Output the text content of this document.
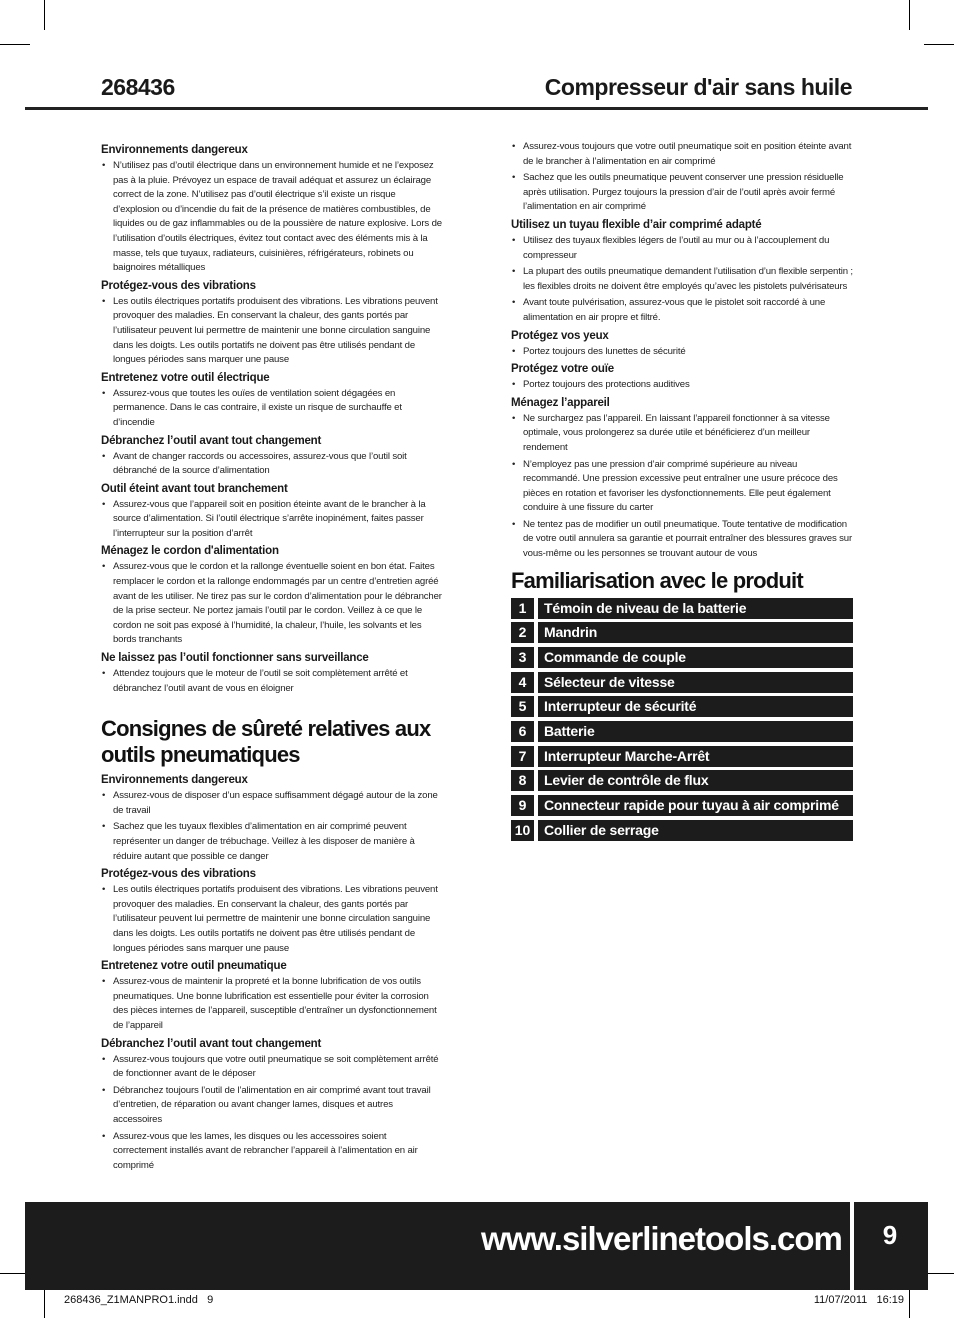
268436	Compresseur d'air sans huile
Environnements dangereux
• N’utilisez pas d’outil électrique dans un environnement humide et ne l’exposez pas à la pluie. Prévoyez un espace de travail adéquat et assurez un éclairage correct de la zone. N’utilisez pas d’outil électrique s’il existe un risque d’explosion ou d’incendie du fait de la présence de matières combustibles, de liquides ou de gaz inflammables ou de la poussière de nature explosive. Lors de l’utilisation d’outils électriques, évitez tout contact avec des éléments mis à la masse, tels que tuyaux, radiateurs, cuisinières, réfrigérateurs, robinets ou baignoires métalliques
Protégez-vous des vibrations
• Les outils électriques portatifs produisent des vibrations. Les vibrations peuvent provoquer des maladies. En conservant la chaleur, des gants portés par l’utilisateur peuvent lui permettre de maintenir une bonne circulation sanguine dans les doigts. Les outils portatifs ne doivent pas être utilisés pendant de longues périodes sans marquer une pause
Entretenez votre outil électrique
• Assurez-vous que toutes les ouïes de ventilation soient dégagées en permanence. Dans le cas contraire, il existe un risque de surchauffe et d’incendie
Débranchez l’outil avant tout changement
• Avant de changer raccords ou accessoires, assurez-vous que l’outil soit débranché de la source d’alimentation
Outil éteint avant tout branchement
• Assurez-vous que l’appareil soit en position éteinte avant de le brancher à la source d’alimentation. Si l’outil électrique s’arrête inopinément, faites passer l’interrupteur sur la position d’arrêt
Ménagez le cordon d'alimentation
• Assurez-vous que le cordon et la rallonge éventuelle soient en bon état. Faites remplacer le cordon et la rallonge endommagés par un centre d’entretien agréé avant de les utiliser. Ne tirez pas sur le cordon d’alimentation pour le débrancher de la prise secteur. Ne portez jamais l’outil par le cordon. Veillez à ce que le cordon ne soit pas exposé à l’humidité, la chaleur, l’huile, les solvants et les bords tranchants
Ne laissez pas l’outil fonctionner sans surveillance
• Attendez toujours que le moteur de l’outil se soit complètement arrêté et débranchez l’outil avant de vous en éloigner
Consignes de sûreté relatives aux outils pneumatiques
Environnements dangereux
• Assurez-vous de disposer d’un espace suffisamment dégagé autour de la zone de travail
• Sachez que les tuyaux flexibles d’alimentation en air comprimé peuvent représenter un danger de trébuchage. Veillez à les disposer de manière à réduire autant que possible ce danger
Protégez-vous des vibrations
• Les outils électriques portatifs produisent des vibrations. Les vibrations peuvent provoquer des maladies. En conservant la chaleur, des gants portés par l’utilisateur peuvent lui permettre de maintenir une bonne circulation sanguine dans les doigts. Les outils portatifs ne doivent pas être utilisés pendant de longues périodes sans marquer une pause
Entretenez votre outil pneumatique
• Assurez-vous de maintenir la propreté et la bonne lubrification de vos outils pneumatiques. Une bonne lubrification est essentielle pour éviter la corrosion des pièces internes de l’appareil, susceptible d’entraîner un dysfonctionnement de l’appareil
Débranchez l’outil avant tout changement
• Assurez-vous toujours que votre outil pneumatique se soit complètement arrêté de fonctionner avant de le déposer
• Débranchez toujours l’outil de l’alimentation en air comprimé avant tout travail d’entretien, de réparation ou avant changer lames, disques et autres accessoires
• Assurez-vous que les lames, les disques ou les accessoires soient correctement installés avant de rebrancher l’appareil à l’alimentation en air comprimé
• Assurez-vous toujours que votre outil pneumatique soit en position éteinte avant de le brancher à l’alimentation en air comprimé
• Sachez que les outils pneumatique peuvent conserver une pression résiduelle après utilisation. Purgez toujours la pression d’air de l’outil après avoir fermé l’alimentation en air comprimé
Utilisez un tuyau flexible d’air comprimé adapté
• Utilisez des tuyaux flexibles légers de l’outil au mur ou à l’accouplement du compresseur
• La plupart des outils pneumatique demandent l’utilisation d’un flexible serpentin ; les flexibles droits ne doivent être employés qu’avec les pistolets pulvérisateurs
• Avant toute pulvérisation, assurez-vous que le pistolet soit raccordé à une alimentation en air propre et filtré.
Protégez vos yeux
• Portez toujours des lunettes de sécurité
Protégez votre ouïe
• Portez toujours des protections auditives
Ménagez l’appareil
• Ne surchargez pas l’appareil. En laissant l’appareil fonctionner à sa vitesse optimale, vous prolongerez sa durée utile et bénéficierez d’un meilleur rendement
• N’employez pas une pression d’air comprimé supérieure au niveau recommandé. Une pression excessive peut entraîner une usure précoce des pièces en rotation et favoriser les dysfonctionnements. Elle peut également conduire à une fissure du carter
• Ne tentez pas de modifier un outil pneumatique. Toute tentative de modification de votre outil annulera sa garantie et pourrait entraîner des blessures graves sur vous-même ou les personnes se trouvant autour de vous
Familiarisation avec le produit
1	Témoin de niveau de la batterie
2	Mandrin
3	Commande de couple
4	Sélecteur de vitesse
5	Interrupteur de sécurité
6	Batterie
7	Interrupteur Marche-Arrêt
8	Levier de contrôle de flux
9	Connecteur rapide pour tuyau à air comprimé
10 Collier de serrage
www.silverlinetools.com	9
268436_Z1MANPRO1.indd   9	11/07/2011   16:19
